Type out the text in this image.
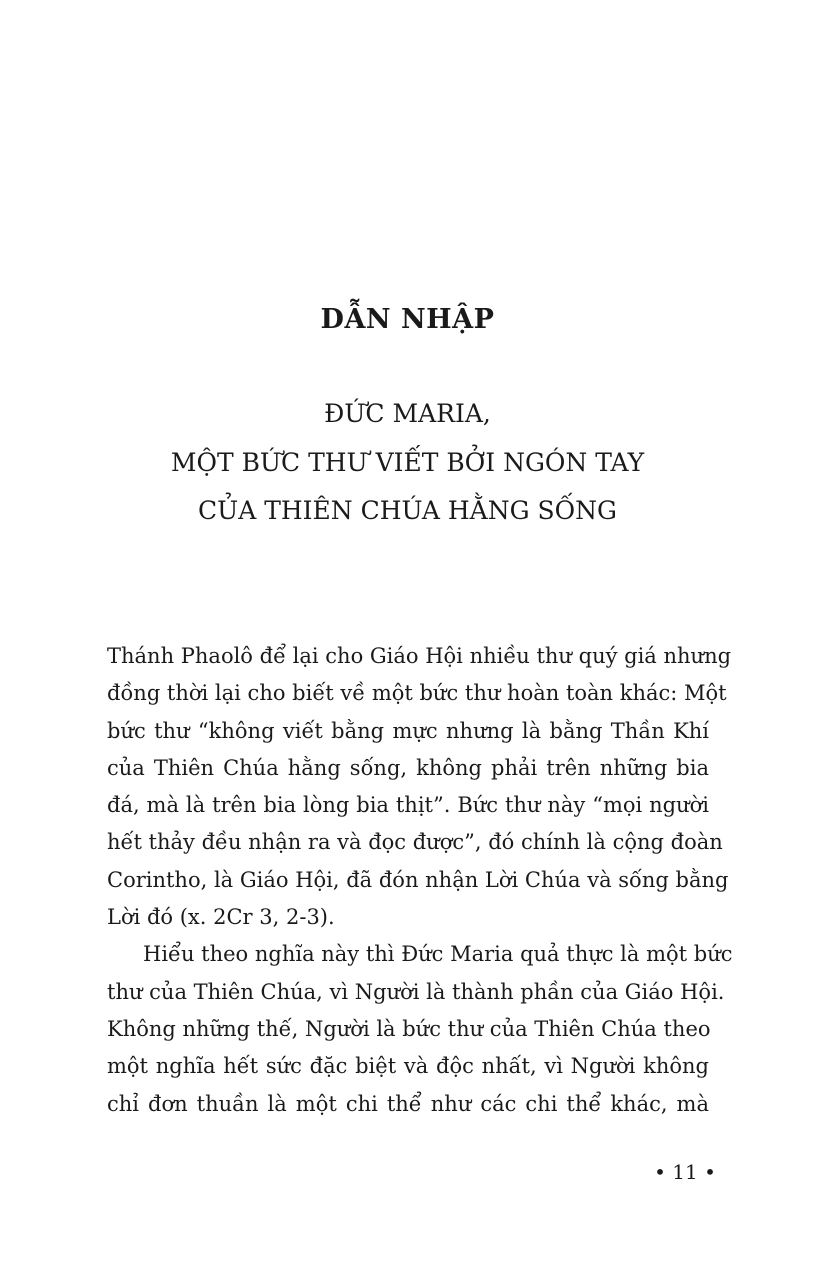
DẪN NHẬP
ĐỨC MARIA,
MỘT BỨC THƯ VIẾT BỞI NGÓN TAY
CỦA THIÊN CHÚA HẰNG SỐNG
Thánh Phaolô để lại cho Giáo Hội nhiều thư quý giá nhưng
đồng thời lại cho biết về một bức thư hoàn toàn khác: Một
bức thư “không viết bằng mực nhưng là bằng Thần Khí
của Thiên Chúa hằng sống, không phải trên những bia
đá, mà là trên bia lòng bia thịt”. Bức thư này “mọi người
hết thảy đều nhận ra và đọc được”, đó chính là cộng đoàn
Corintho, là Giáo Hội, đã đón nhận Lời Chúa và sống bằng
Lời đó (x. 2Cr 3, 2-3).
Hiểu theo nghĩa này thì Đức Maria quả thực là một bức
thư của Thiên Chúa, vì Người là thành phần của Giáo Hội.
Không những thế, Người là bức thư của Thiên Chúa theo
một nghĩa hết sức đặc biệt và độc nhất, vì Người không
chỉ đơn thuần là một chi thể như các chi thể khác, mà
• 11 •
